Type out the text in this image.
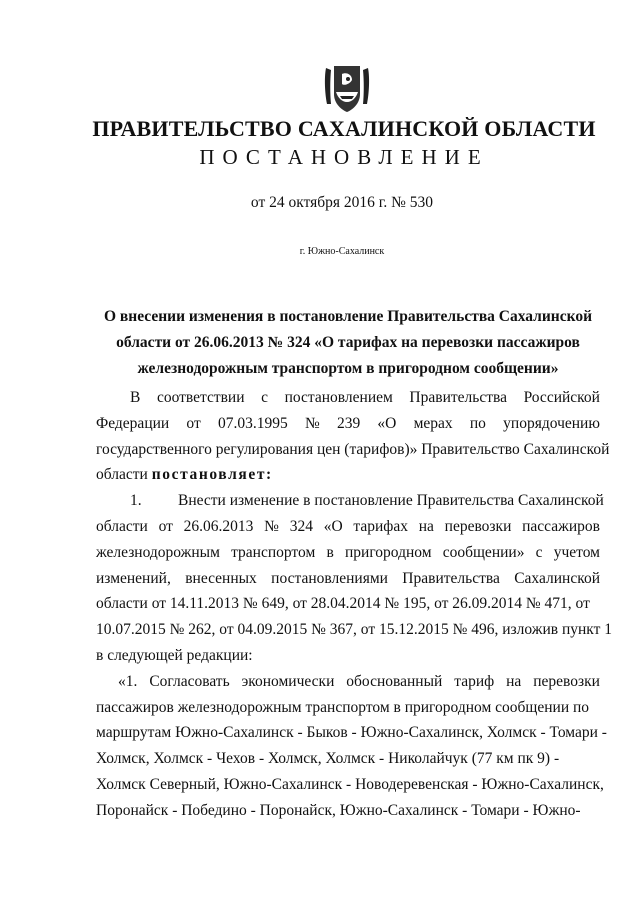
ПРАВИТЕЛЬСТВО САХАЛИНСКОЙ ОБЛАСТИ
ПОСТАНОВЛЕНИЕ
от 24 октября 2016 г. № 530
г. Южно-Сахалинск
О внесении изменения в постановление Правительства Сахалинской
области от 26.06.2013 № 324 «О тарифах на перевозки пассажиров
железнодорожным транспортом в пригородном сообщении»
В соответствии с постановлением Правительства Российской
Федерации от 07.03.1995 № 239 «О мерах по упорядочению
государственного регулирования цен (тарифов)» Правительство Сахалинской
области постановляет:
1. Внести изменение в постановление Правительства Сахалинской
области от 26.06.2013 № 324 «О тарифах на перевозки пассажиров
железнодорожным транспортом в пригородном сообщении» с учетом
изменений, внесенных постановлениями Правительства Сахалинской
области от 14.11.2013 № 649, от 28.04.2014 № 195, от 26.09.2014 № 471, от
10.07.2015 № 262, от 04.09.2015 № 367, от 15.12.2015 № 496, изложив пункт 1
в следующей редакции:
«1. Согласовать экономически обоснованный тариф на перевозки
пассажиров железнодорожным транспортом в пригородном сообщении по
маршрутам Южно-Сахалинск - Быков - Южно-Сахалинск, Холмск - Томари -
Холмск, Холмск - Чехов - Холмск, Холмск - Николайчук (77 км пк 9) -
Холмск Северный, Южно-Сахалинск - Новодеревенская - Южно-Сахалинск,
Поронайск - Победино - Поронайск, Южно-Сахалинск - Томари - Южно-
